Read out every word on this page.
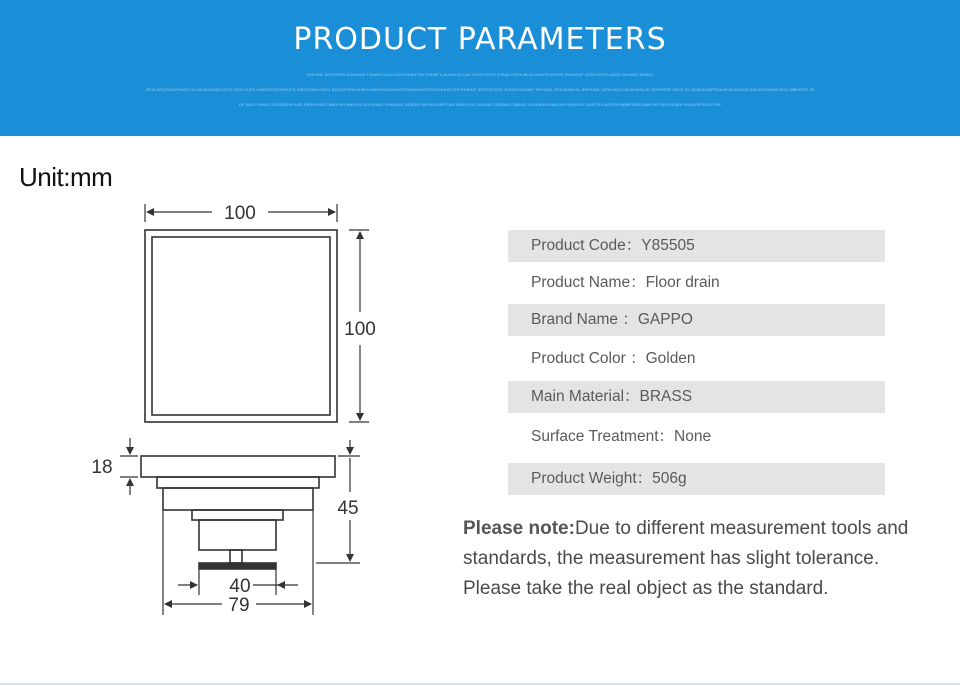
PRODUCT PARAMETERS
KHFJAG JKSGHOFD KJHSDAS FJKAHG DJAG ASJDHKSD FAJ KSDHF KJA HDKJG KAS GKDG FDSG KJSAD HSDH BKJA DGHFG ASDFH JDHGDSF JDSAYGUYG ASSG JDHZDG JHSDG
JFHS DFDJSDGFSHGS HG ASJDGDJAS DFJS YSAG DJFK KAEDGFDSGDHUFG ASDDFGKUYSDG JHGDGYFHHSDBFIYUHGDKHGXUHGFKWGKDHAITGKGFKJHFYJHFGDSHJF SDHTKDSDG JHGDUYGHDBY HFKUDG JFHUAJHDUA JFBHUDG JUFKUASG DKJGHKSAJD JKSHFDSF JHCG JG JDJSAKGBFSGASFGKJDSKGF,ASKDKGDBHAYSUG DBFASSG JD
DF SAG FJHASG OGGDGHG ASD JSKFKHSDG HBDYSG HBSYAG GYHUYAG GHIUHSD JHSDHFYBFUSA DBFYJAS DBVKYUG DYAUSD JBSDKA DJBASG JHGDKIA DHBKUAYEGHSDSY JDSFGHJ ASFGKYAWBFIGBUGBHOSFGKYGSDBHFYUASGVFKJGFYSE
Unit:mm
100
100
18
45
40
79
Product Code：Y85505
Product Name：Floor drain
Brand Name ：GAPPO
Product Color ：Golden
Main Material：BRASS
Surface Treatment：None
Product Weight：506g
Please note:Due to different measurement tools and standards, the measurement has slight tolerance. Please take the real object as the standard.
